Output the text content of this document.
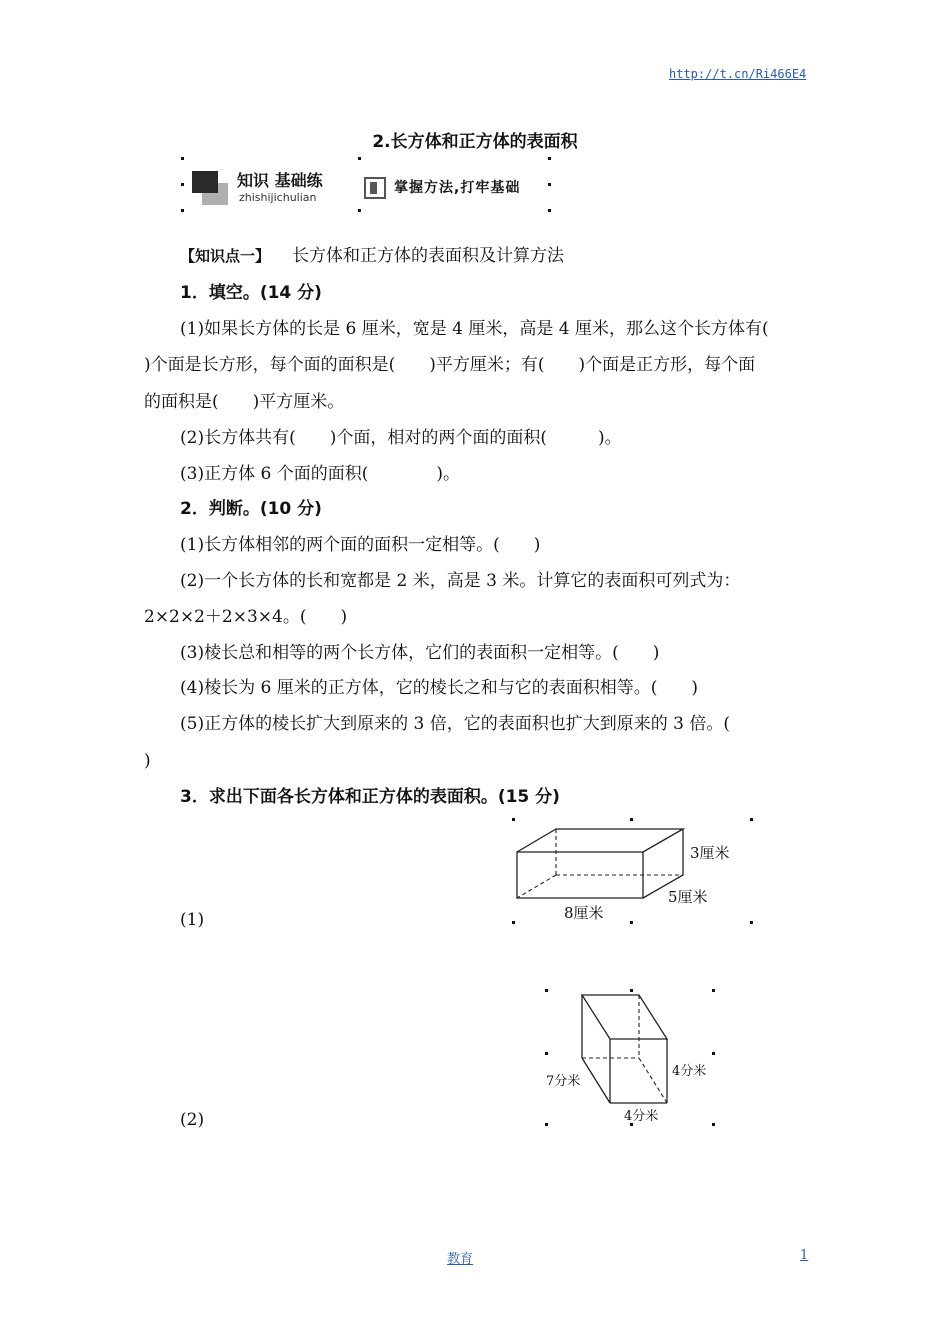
http://t.cn/Ri466E4
2.长方体和正方体的表面积
知识 基础练
zhishijichulian
掌握方法,打牢基础
【知识点一】 长方体和正方体的表面积及计算方法
1．填空。(14 分)
(1)如果长方体的长是 6 厘米，宽是 4 厘米，高是 4 厘米，那么这个长方体有(
)个面是长方形，每个面的面积是(　　)平方厘米；有(　　)个面是正方形，每个面
的面积是(　　)平方厘米。
(2)长方体共有(　　)个面，相对的两个面的面积(　　　)。
(3)正方体 6 个面的面积(　　　　)。
2．判断。(10 分)
(1)长方体相邻的两个面的面积一定相等。(　　)
(2)一个长方体的长和宽都是 2 米，高是 3 米。计算它的表面积可列式为：
2×2×2＋2×3×4。(　　)
(3)棱长总和相等的两个长方体，它们的表面积一定相等。(　　)
(4)棱长为 6 厘米的正方体，它的棱长之和与它的表面积相等。(　　)
(5)正方体的棱长扩大到原来的 3 倍，它的表面积也扩大到原来的 3 倍。(
)
3．求出下面各长方体和正方体的表面积。(15 分)
(1)
(2)
3厘米
5厘米
8厘米
7分米
4分米
4分米
教育	1
